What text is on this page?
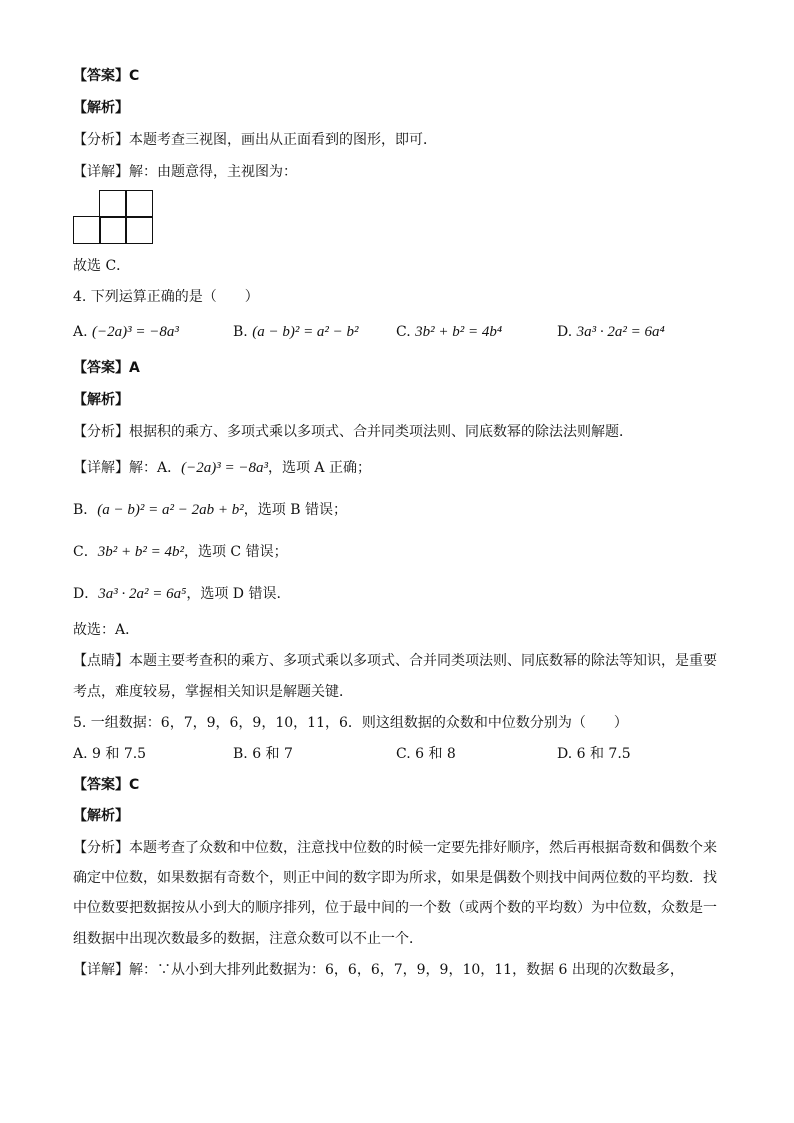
【答案】C
【解析】
【分析】本题考查三视图，画出从正面看到的图形，即可．
【详解】解：由题意得，主视图为：
故选 C．
4. 下列运算正确的是（　　）
A. (−2a)³ = −8a³	B. (a − b)² = a² − b²	C. 3b² + b² = 4b⁴	D. 3a³ · 2a² = 6a⁴
【答案】A
【解析】
【分析】根据积的乘方、多项式乘以多项式、合并同类项法则、同底数幂的除法法则解题．
【详解】解：A．(−2a)³ = −8a³，选项 A 正确；
B．(a − b)² = a² − 2ab + b²，选项 B 错误；
C．3b² + b² = 4b²，选项 C 错误；
D．3a³ · 2a² = 6a⁵，选项 D 错误.
故选：A．
【点睛】本题主要考查积的乘方、多项式乘以多项式、合并同类项法则、同底数幂的除法等知识，是重要
考点，难度较易，掌握相关知识是解题关键．
5. 一组数据：6，7，9，6，9，10，11，6．则这组数据的众数和中位数分别为（　　）
A. 9 和 7.5	B. 6 和 7	C. 6 和 8	D. 6 和 7.5
【答案】C
【解析】
【分析】本题考查了众数和中位数，注意找中位数的时候一定要先排好顺序，然后再根据奇数和偶数个来
确定中位数，如果数据有奇数个，则正中间的数字即为所求，如果是偶数个则找中间两位数的平均数．找
中位数要把数据按从小到大的顺序排列，位于最中间的一个数（或两个数的平均数）为中位数，众数是一
组数据中出现次数最多的数据，注意众数可以不止一个．
【详解】解：∵从小到大排列此数据为：6，6，6，7，9，9，10，11，数据 6 出现的次数最多，
